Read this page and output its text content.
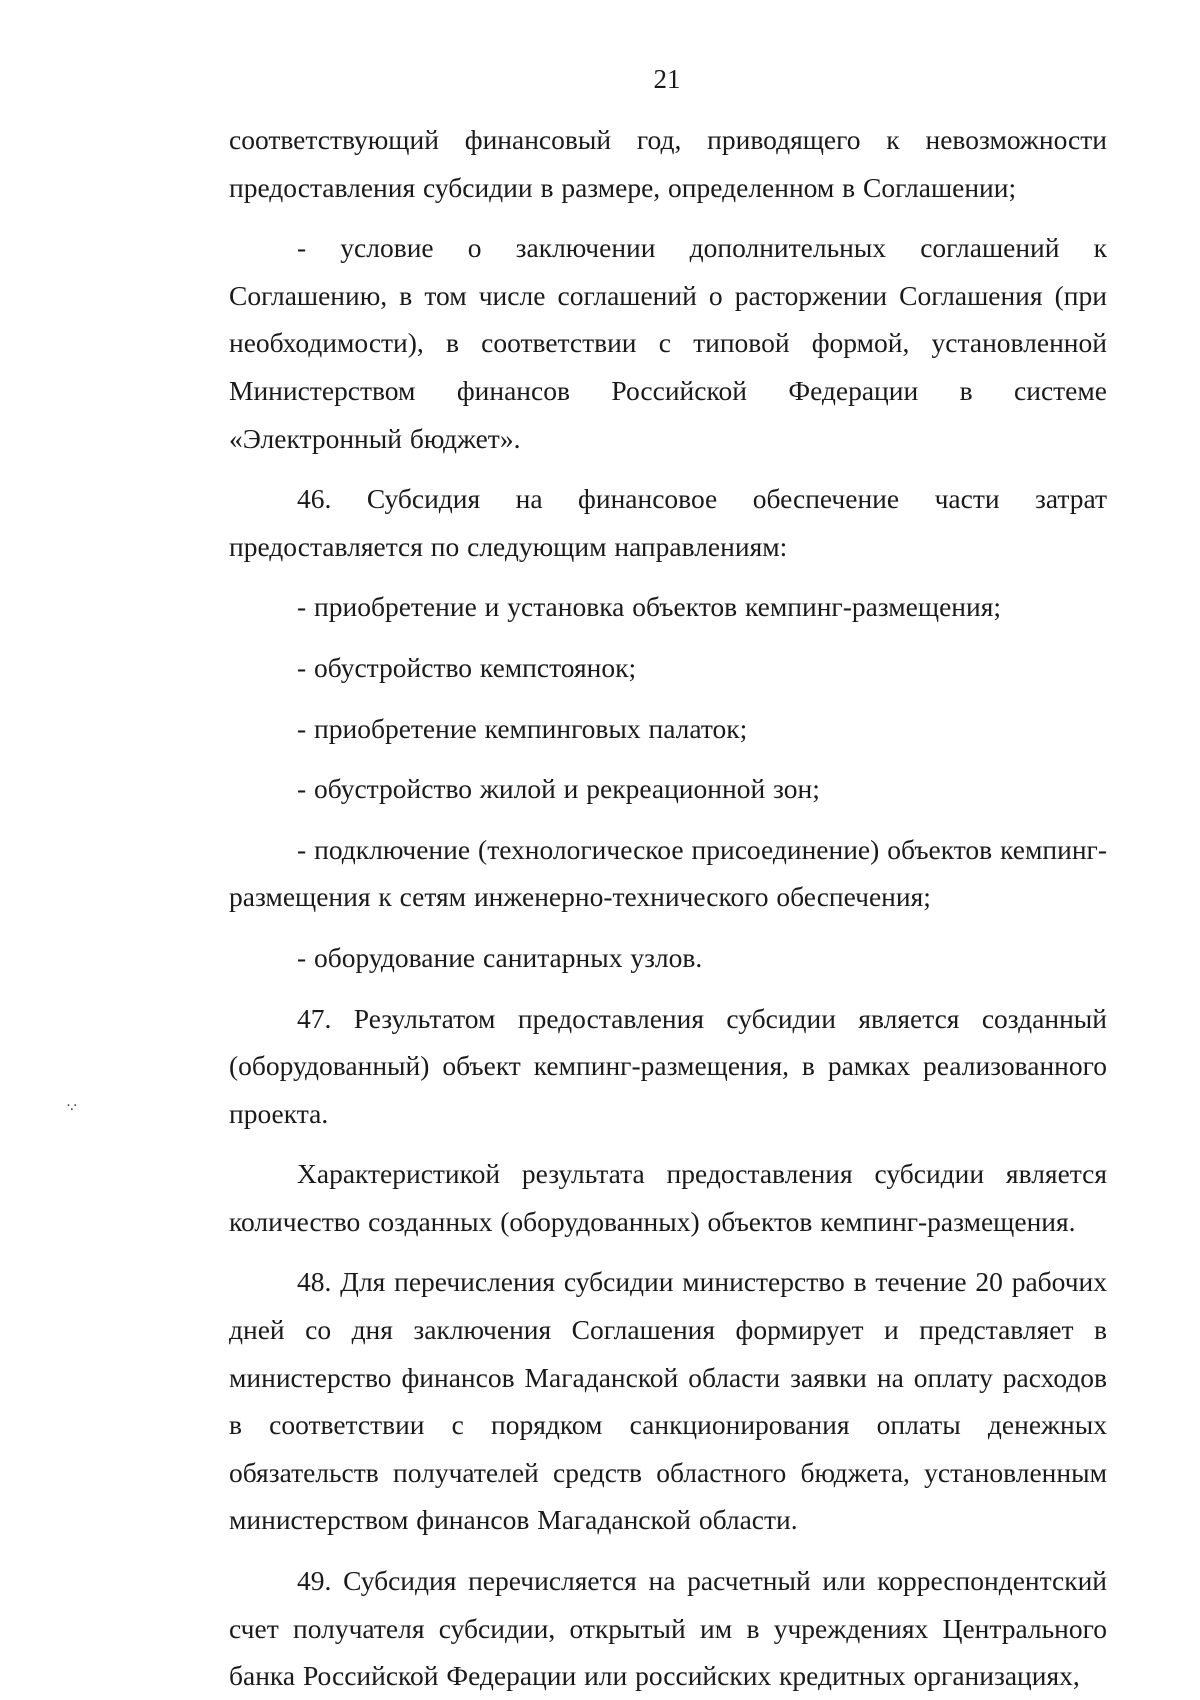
21

соответствующий финансовый год, приводящего к невозможности предоставления субсидии в размере, определенном в Соглашении;

- условие о заключении дополнительных соглашений к Соглашению, в том числе соглашений о расторжении Соглашения (при необходимости), в соответствии с типовой формой, установленной Министерством финансов Российской Федерации в системе «Электронный бюджет».

46. Субсидия на финансовое обеспечение части затрат предоставляется по следующим направлениям:

- приобретение и установка объектов кемпинг-размещения;

- обустройство кемпстоянок;

- приобретение кемпинговых палаток;

- обустройство жилой и рекреационной зон;

- подключение (технологическое присоединение) объектов кемпинг-размещения к сетям инженерно-технического обеспечения;

- оборудование санитарных узлов.

47. Результатом предоставления субсидии является созданный (оборудованный) объект кемпинг-размещения, в рамках реализованного проекта.

Характеристикой результата предоставления субсидии является количество созданных (оборудованных) объектов кемпинг-размещения.

48. Для перечисления субсидии министерство в течение 20 рабочих дней со дня заключения Соглашения формирует и представляет в министерство финансов Магаданской области заявки на оплату расходов в соответствии с порядком санкционирования оплаты денежных обязательств получателей средств областного бюджета, установленным министерством финансов Магаданской области.

49. Субсидия перечисляется на расчетный или корреспондентский счет получателя субсидии, открытый им в учреждениях Центрального банка Российской Федерации или российских кредитных организациях,

·.·
